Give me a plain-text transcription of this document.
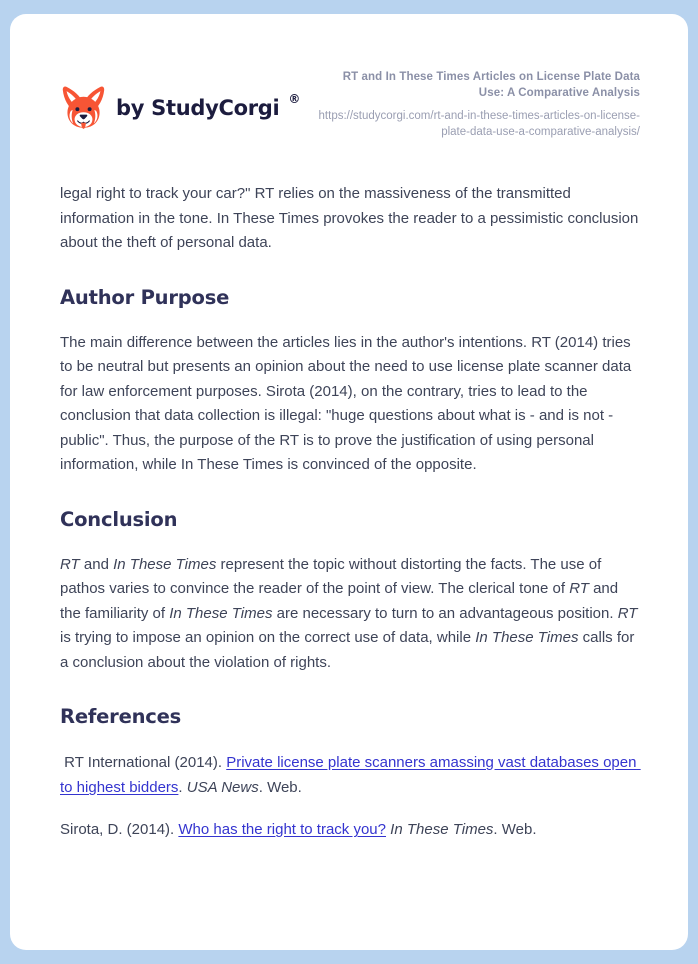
by StudyCorgi ®
RT and In These Times Articles on License Plate Data Use: A Comparative Analysis
https://studycorgi.com/rt-and-in-these-times-articles-on-license-plate-data-use-a-comparative-analysis/

legal right to track your car?" RT relies on the massiveness of the transmitted information in the tone. In These Times provokes the reader to a pessimistic conclusion about the theft of personal data.

Author Purpose

The main difference between the articles lies in the author's intentions. RT (2014) tries to be neutral but presents an opinion about the need to use license plate scanner data for law enforcement purposes. Sirota (2014), on the contrary, tries to lead to the conclusion that data collection is illegal: "huge questions about what is - and is not - public". Thus, the purpose of the RT is to prove the justification of using personal information, while In These Times is convinced of the opposite.

Conclusion

RT and In These Times represent the topic without distorting the facts. The use of pathos varies to convince the reader of the point of view. The clerical tone of RT and the familiarity of In These Times are necessary to turn to an advantageous position. RT is trying to impose an opinion on the correct use of data, while In These Times calls for a conclusion about the violation of rights.

References

RT International (2014). Private license plate scanners amassing vast databases open to highest bidders. USA News. Web.

Sirota, D. (2014). Who has the right to track you? In These Times. Web.
